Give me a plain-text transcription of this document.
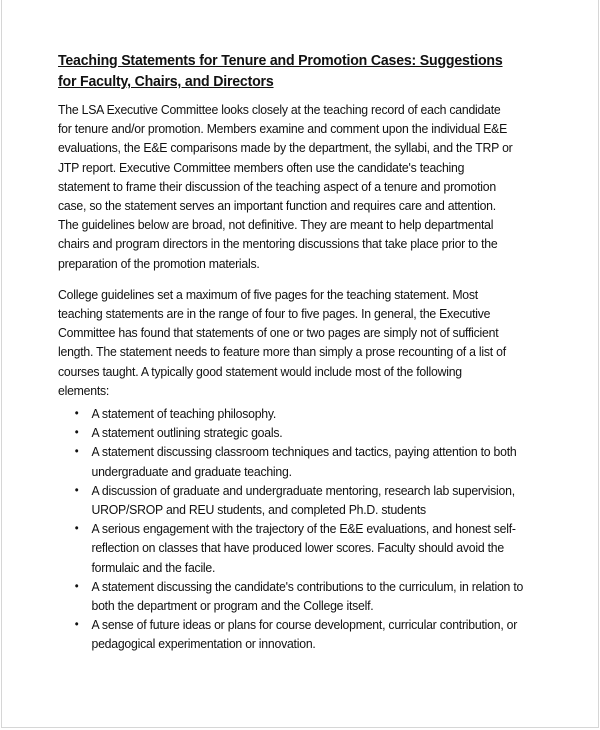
Teaching Statements for Tenure and Promotion Cases: Suggestions for Faculty, Chairs, and Directors

The LSA Executive Committee looks closely at the teaching record of each candidate for tenure and/or promotion. Members examine and comment upon the individual E&E evaluations, the E&E comparisons made by the department, the syllabi, and the TRP or JTP report. Executive Committee members often use the candidate's teaching statement to frame their discussion of the teaching aspect of a tenure and promotion case, so the statement serves an important function and requires care and attention. The guidelines below are broad, not definitive. They are meant to help departmental chairs and program directors in the mentoring discussions that take place prior to the preparation of the promotion materials.

College guidelines set a maximum of five pages for the teaching statement. Most teaching statements are in the range of four to five pages. In general, the Executive Committee has found that statements of one or two pages are simply not of sufficient length. The statement needs to feature more than simply a prose recounting of a list of courses taught. A typically good statement would include most of the following elements:

• A statement of teaching philosophy.
• A statement outlining strategic goals.
• A statement discussing classroom techniques and tactics, paying attention to both undergraduate and graduate teaching.
• A discussion of graduate and undergraduate mentoring, research lab supervision, UROP/SROP and REU students, and completed Ph.D. students
• A serious engagement with the trajectory of the E&E evaluations, and honest self-reflection on classes that have produced lower scores. Faculty should avoid the formulaic and the facile.
• A statement discussing the candidate's contributions to the curriculum, in relation to both the department or program and the College itself.
• A sense of future ideas or plans for course development, curricular contribution, or pedagogical experimentation or innovation.
